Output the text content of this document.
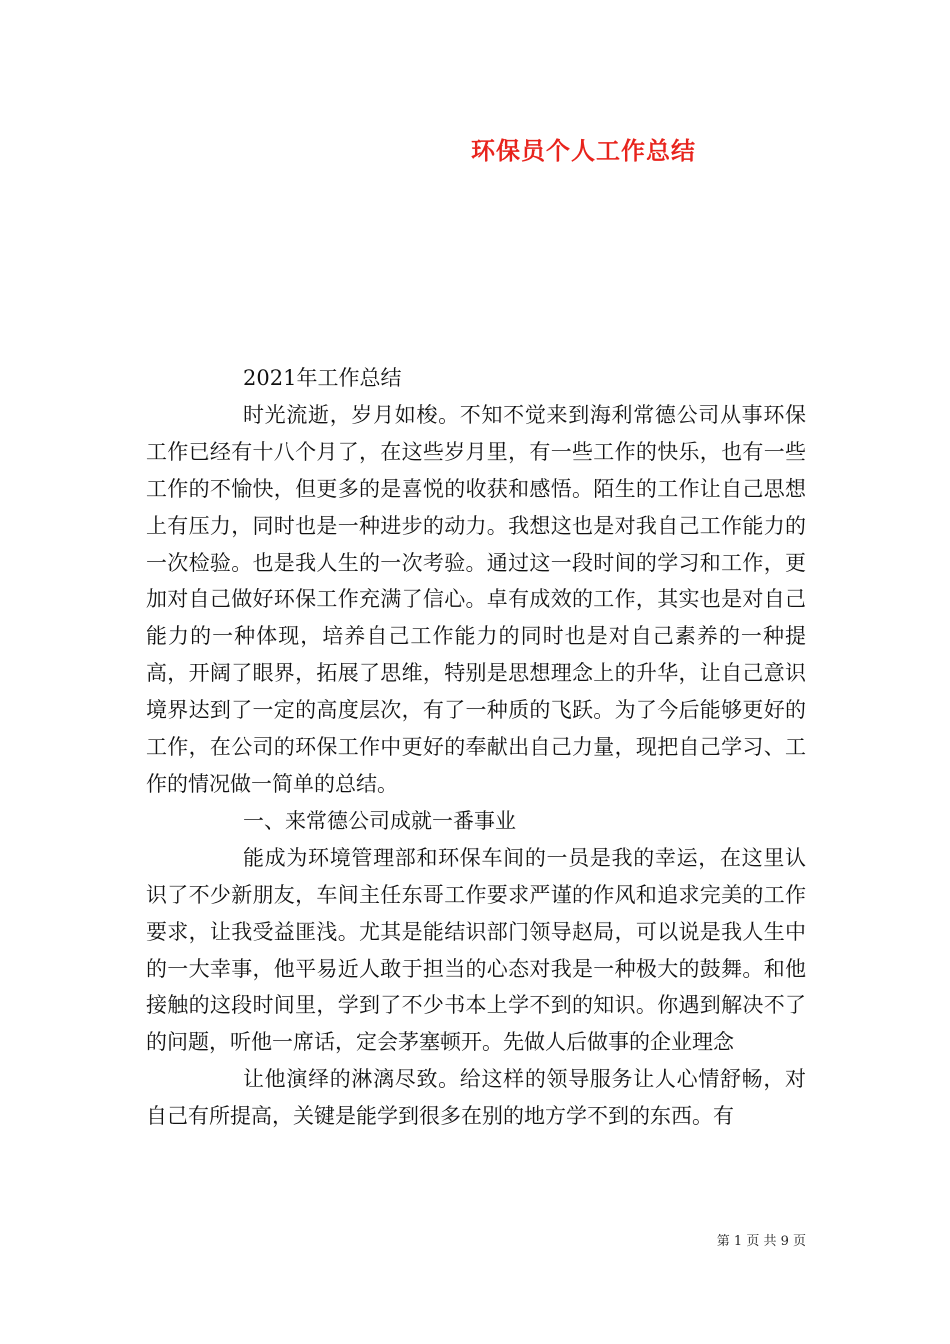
环保员个人工作总结

2021年工作总结

时光流逝，岁月如梭。不知不觉来到海利常德公司从事环保工作已经有十八个月了，在这些岁月里，有一些工作的快乐，也有一些工作的不愉快，但更多的是喜悦的收获和感悟。陌生的工作让自己思想上有压力，同时也是一种进步的动力。我想这也是对我自己工作能力的一次检验。也是我人生的一次考验。通过这一段时间的学习和工作，更加对自己做好环保工作充满了信心。卓有成效的工作，其实也是对自己能力的一种体现，培养自己工作能力的同时也是对自己素养的一种提高，开阔了眼界，拓展了思维，特别是思想理念上的升华，让自己意识境界达到了一定的高度层次，有了一种质的飞跃。为了今后能够更好的工作，在公司的环保工作中更好的奉献出自己力量，现把自己学习、工作的情况做一简单的总结。

一、来常德公司成就一番事业

能成为环境管理部和环保车间的一员是我的幸运，在这里认识了不少新朋友，车间主任东哥工作要求严谨的作风和追求完美的工作要求，让我受益匪浅。尤其是能结识部门领导赵局，可以说是我人生中的一大幸事，他平易近人敢于担当的心态对我是一种极大的鼓舞。和他接触的这段时间里，学到了不少书本上学不到的知识。你遇到解决不了的问题，听他一席话，定会茅塞顿开。先做人后做事的企业理念

让他演绎的淋漓尽致。给这样的领导服务让人心情舒畅，对自己有所提高，关键是能学到很多在别的地方学不到的东西。有

第 1 页 共 9 页
